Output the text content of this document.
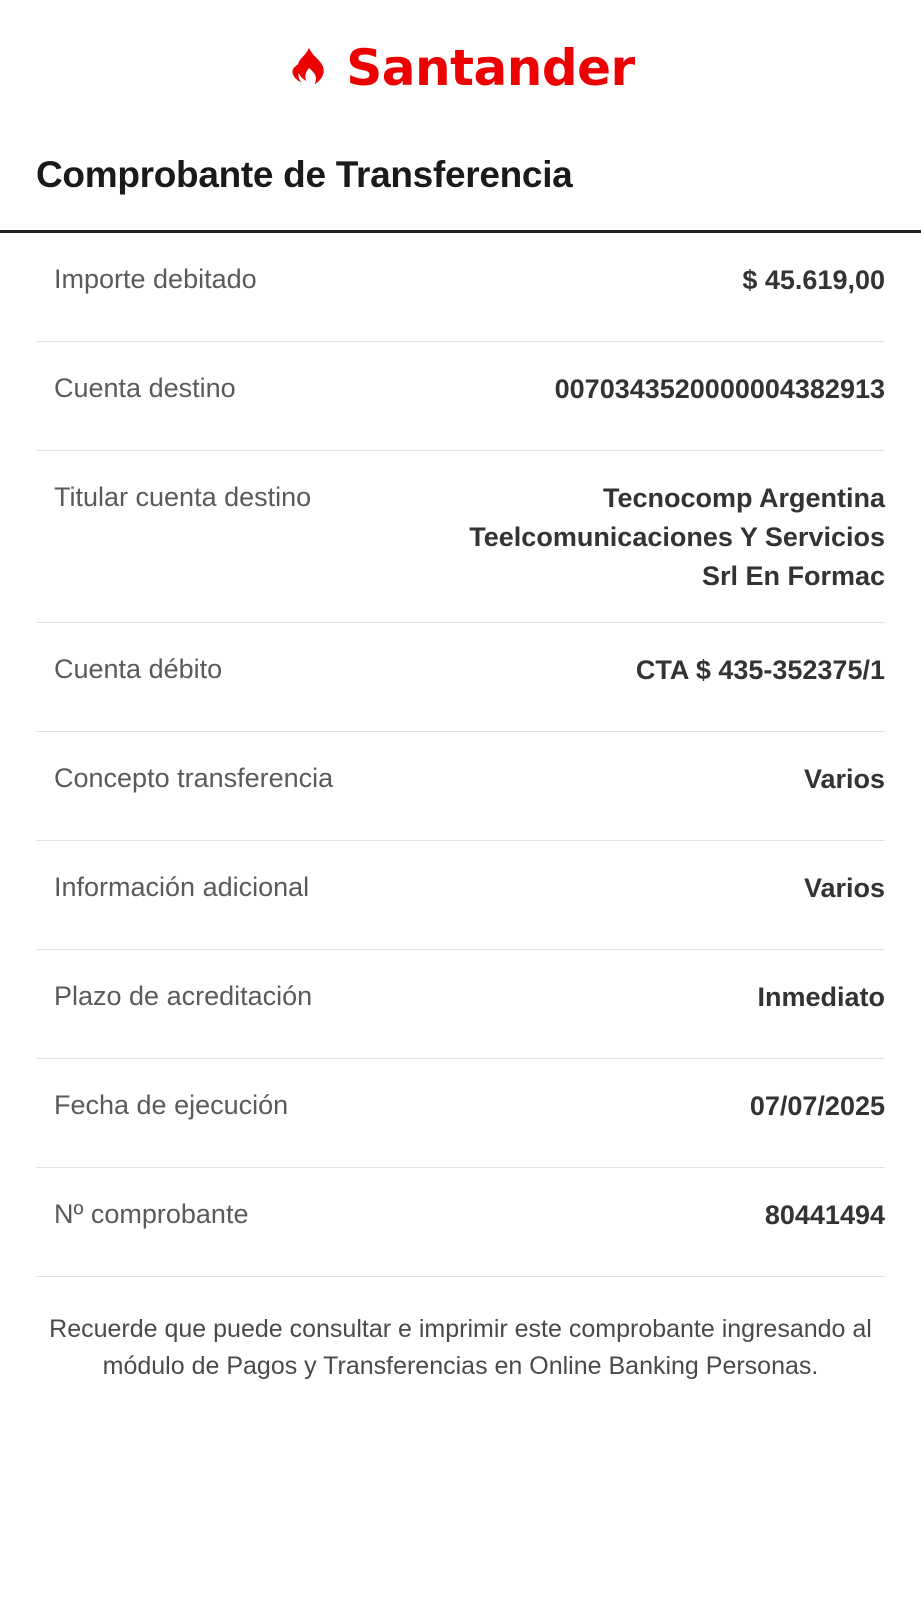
Santander
Comprobante de Transferencia
Importe debitado	$ 45.619,00
Cuenta destino	0070343520000004382913
Titular cuenta destino	Tecnocomp Argentina Teelcomunicaciones Y Servicios Srl En Formac
Cuenta débito	CTA $ 435-352375/1
Concepto transferencia	Varios
Información adicional	Varios
Plazo de acreditación	Inmediato
Fecha de ejecución	07/07/2025
Nº comprobante	80441494

Recuerde que puede consultar e imprimir este comprobante ingresando al módulo de Pagos y Transferencias en Online Banking Personas.
